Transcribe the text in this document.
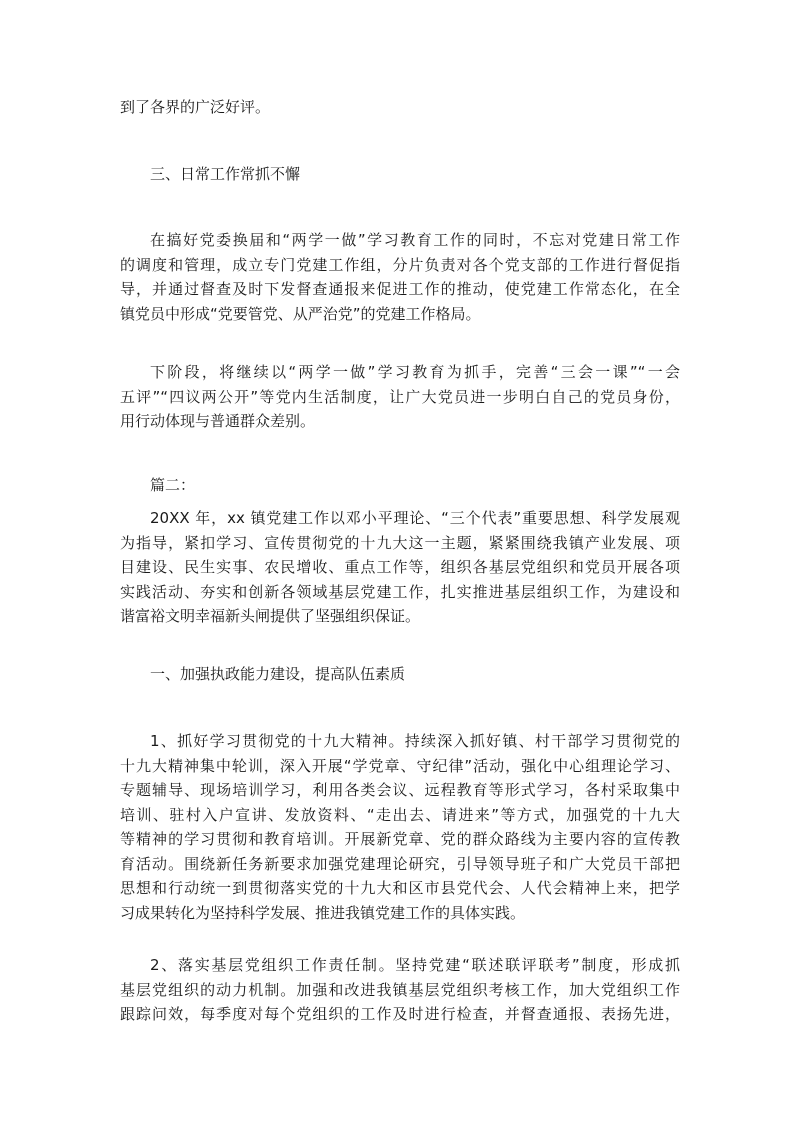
到了各界的广泛好评。

三、日常工作常抓不懈

在搞好党委换届和“两学一做”学习教育工作的同时，不忘对党建日常工作
的调度和管理，成立专门党建工作组，分片负责对各个党支部的工作进行督促指
导，并通过督查及时下发督查通报来促进工作的推动，使党建工作常态化，在全
镇党员中形成“党要管党、从严治党”的党建工作格局。

下阶段，将继续以“两学一做”学习教育为抓手，完善“三会一课”“一会
五评”“四议两公开”等党内生活制度，让广大党员进一步明白自己的党员身份，
用行动体现与普通群众差别。

篇二：

20XX 年，xx 镇党建工作以邓小平理论、“三个代表”重要思想、科学发展观
为指导，紧扣学习、宣传贯彻党的十九大这一主题，紧紧围绕我镇产业发展、项
目建设、民生实事、农民增收、重点工作等，组织各基层党组织和党员开展各项
实践活动、夯实和创新各领域基层党建工作，扎实推进基层组织工作，为建设和
谐富裕文明幸福新头闸提供了坚强组织保证。

一、加强执政能力建设，提高队伍素质

1、抓好学习贯彻党的十九大精神。持续深入抓好镇、村干部学习贯彻党的
十九大精神集中轮训，深入开展“学党章、守纪律”活动，强化中心组理论学习、
专题辅导、现场培训学习，利用各类会议、远程教育等形式学习，各村采取集中
培训、驻村入户宣讲、发放资料、“走出去、请进来”等方式，加强党的十九大
等精神的学习贯彻和教育培训。开展新党章、党的群众路线为主要内容的宣传教
育活动。围绕新任务新要求加强党建理论研究，引导领导班子和广大党员干部把
思想和行动统一到贯彻落实党的十九大和区市县党代会、人代会精神上来，把学
习成果转化为坚持科学发展、推进我镇党建工作的具体实践。

2、落实基层党组织工作责任制。坚持党建“联述联评联考”制度，形成抓
基层党组织的动力机制。加强和改进我镇基层党组织考核工作，加大党组织工作
跟踪问效，每季度对每个党组织的工作及时进行检查，并督查通报、表扬先进，
